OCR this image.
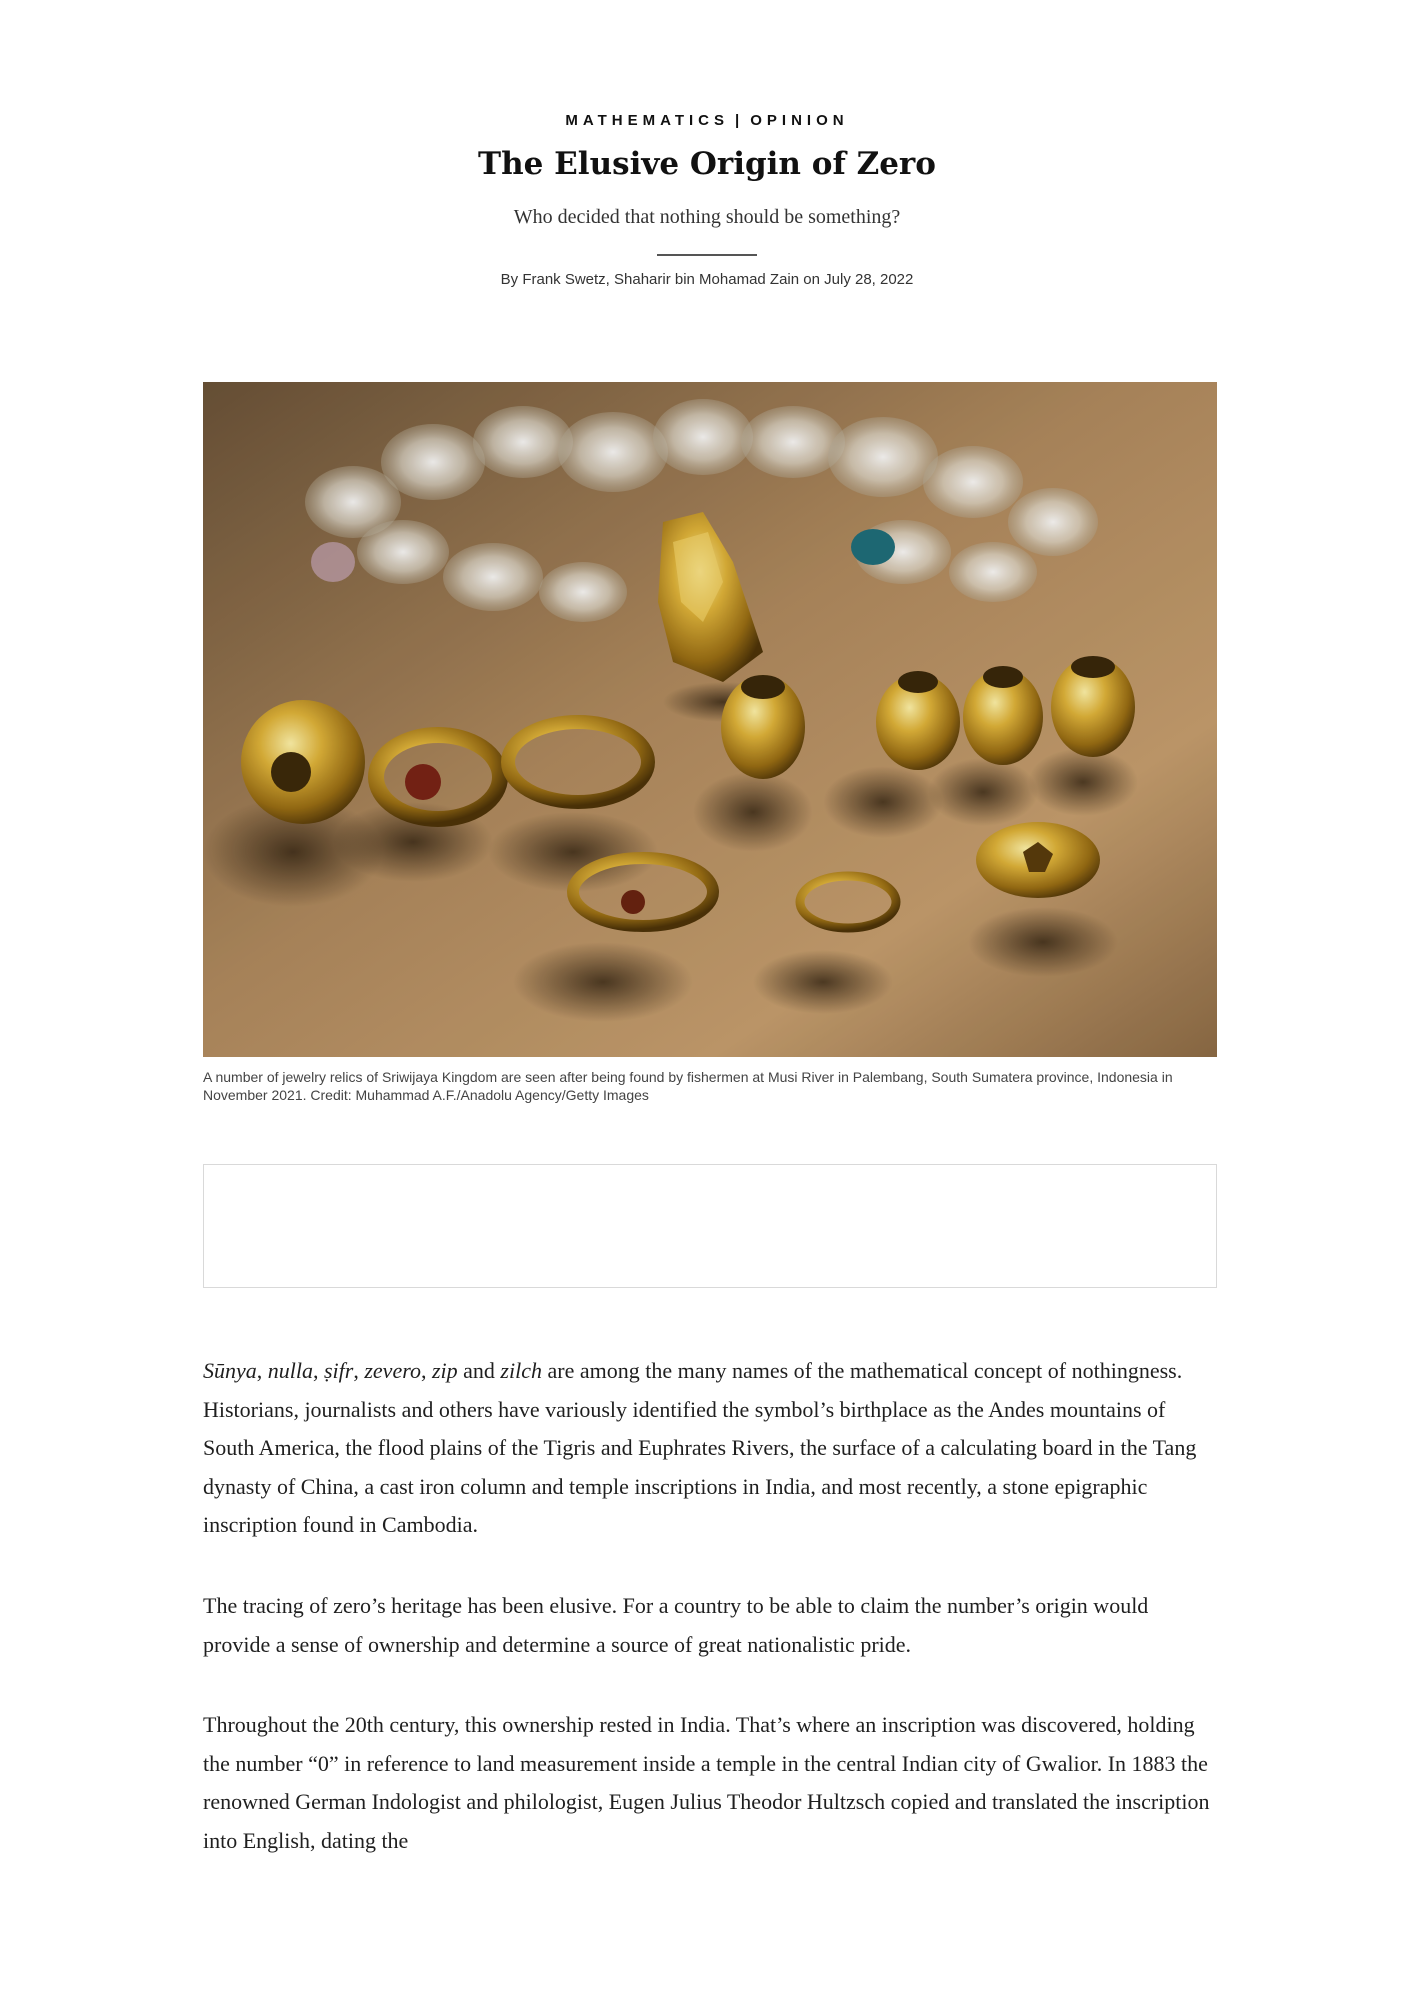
MATHEMATICS | OPINION
The Elusive Origin of Zero
Who decided that nothing should be something?
By Frank Swetz, Shaharir bin Mohamad Zain on July 28, 2022
A number of jewelry relics of Sriwijaya Kingdom are seen after being found by fishermen at Musi River in Palembang, South Sumatera province, Indonesia in November 2021. Credit: Muhammad A.F./Anadolu Agency/Getty Images

Sūnya, nulla, ṣifr, zevero, zip and zilch are among the many names of the mathematical concept of nothingness. Historians, journalists and others have variously identified the symbol’s birthplace as the Andes mountains of South America, the flood plains of the Tigris and Euphrates Rivers, the surface of a calculating board in the Tang dynasty of China, a cast iron column and temple inscriptions in India, and most recently, a stone epigraphic inscription found in Cambodia.

The tracing of zero’s heritage has been elusive. For a country to be able to claim the number’s origin would provide a sense of ownership and determine a source of great nationalistic pride.

Throughout the 20th century, this ownership rested in India. That’s where an inscription was discovered, holding the number “0” in reference to land measurement inside a temple in the central Indian city of Gwalior. In 1883 the renowned German Indologist and philologist, Eugen Julius Theodor Hultzsch copied and translated the inscription into English, dating the
